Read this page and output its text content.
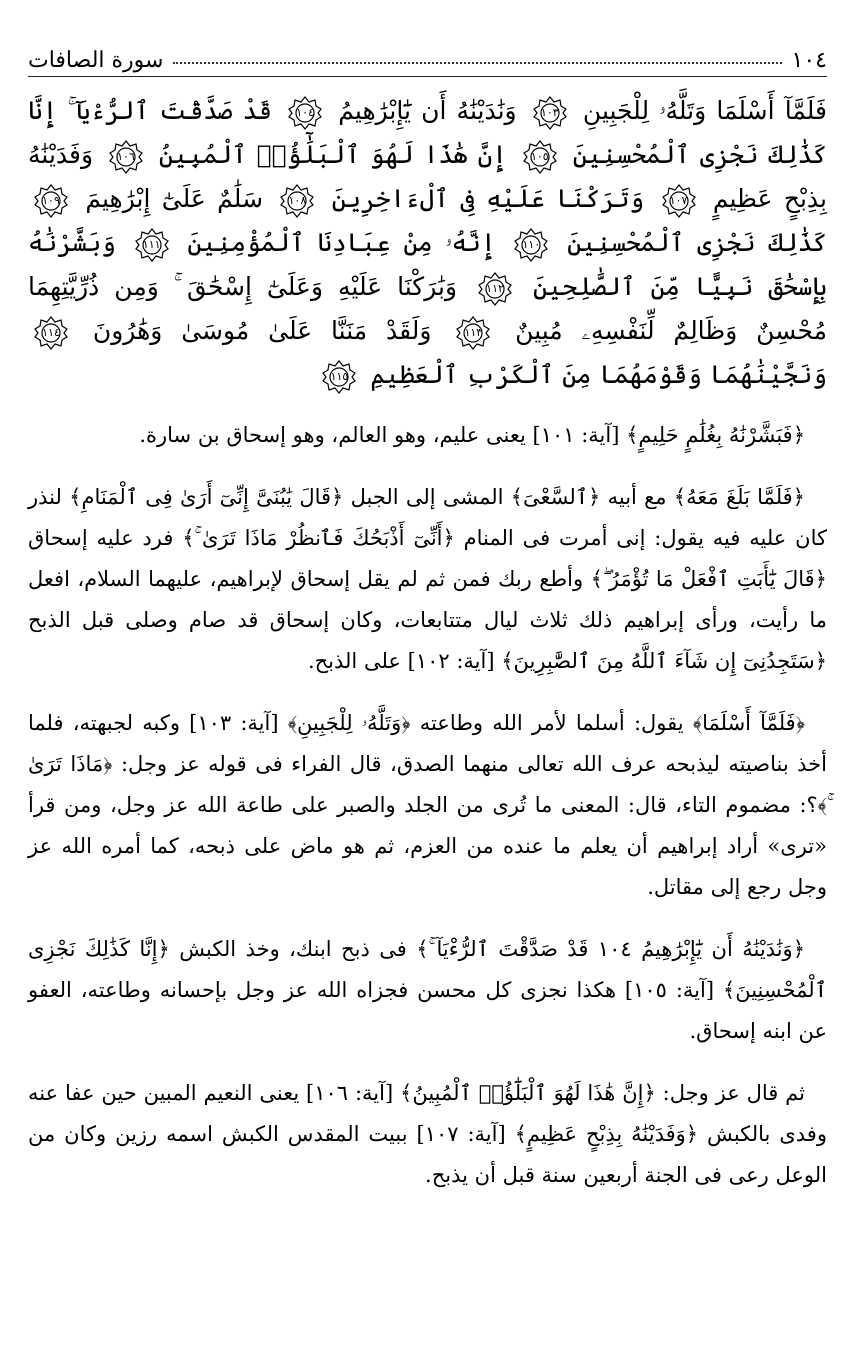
١٠٤
سورة الصافات
فَلَمَّآ أَسْلَمَا وَتَلَّهُۥ لِلْجَبِينِ
١٠٣
وَنَٰدَيْنَٰهُ أَن يَٰٓإِبْرَٰهِيمُ
١٠٤
قَدْ صَدَّقْتَ ٱلرُّءْيَآ ۚ إِنَّا كَذَٰلِكَ نَجْزِى ٱلْمُحْسِنِينَ
١٠٥
إِنَّ هَٰذَا لَهُوَ ٱلْبَلَٰٓؤُا۟ ٱلْمُبِينُ
١٠٦
وَفَدَيْنَٰهُ بِذِبْحٍ عَظِيمٍ
١٠٧
وَتَرَكْنَا عَلَيْهِ فِى ٱلْءَاخِرِينَ
١٠٨
سَلَٰمٌ عَلَىٰٓ إِبْرَٰهِيمَ
١٠٩
كَذَٰلِكَ نَجْزِى ٱلْمُحْسِنِينَ
١١٠
إِنَّهُۥ مِنْ عِبَادِنَا ٱلْمُؤْمِنِينَ
١١١
وَبَشَّرْنَٰهُ بِإِسْحَٰقَ نَبِيًّا مِّنَ ٱلصَّٰلِحِينَ
١١٢
وَبَٰرَكْنَا عَلَيْهِ وَعَلَىٰٓ إِسْحَٰقَ ۚ وَمِن ذُرِّيَّتِهِمَا مُحْسِنٌ وَظَالِمٌ لِّنَفْسِهِۦ مُبِينٌ
١١٣
وَلَقَدْ مَنَنَّا عَلَىٰ مُوسَىٰ وَهَٰرُونَ
١١٤
وَنَجَّيْنَٰهُمَا وَقَوْمَهُمَا مِنَ ٱلْكَرْبِ ٱلْعَظِيمِ
١١٥

﴿فَبَشَّرْنَٰهُ بِغُلَٰمٍ حَلِيمٍ﴾ [آية: ١٠١] يعنى عليم، وهو العالم، وهو إسحاق بن سارة.

﴿فَلَمَّا بَلَغَ مَعَهُ﴾ مع أبيه ﴿ٱلسَّعْىَ﴾ المشى إلى الجبل ﴿قَالَ يَٰبُنَىَّ إِنِّىٓ أَرَىٰ فِى ٱلْمَنَامِ﴾ لنذر كان عليه فيه يقول: إنى أمرت فى المنام ﴿أَنِّىٓ أَذْبَحُكَ فَٱنظُرْ مَاذَا تَرَىٰ ۚ﴾ فرد عليه إسحاق ﴿قَالَ يَٰٓأَبَتِ ٱفْعَلْ مَا تُؤْمَرُ ۖ﴾ وأطع ربك فمن ثم لم يقل إسحاق لإبراهيم، عليهما السلام، افعل ما رأيت، ورأى إبراهيم ذلك ثلاث ليال متتابعات، وكان إسحاق قد صام وصلى قبل الذبح ﴿سَتَجِدُنِىٓ إِن شَآءَ ٱللَّهُ مِنَ ٱلصَّٰبِرِينَ﴾ [آية: ١٠٢] على الذبح.

﴿فَلَمَّآ أَسْلَمَا﴾ يقول: أسلما لأمر الله وطاعته ﴿وَتَلَّهُۥ لِلْجَبِينِ﴾ [آية: ١٠٣] وكبه لجبهته، فلما أخذ بناصيته ليذبحه عرف الله تعالى منهما الصدق، قال الفراء فى قوله عز وجل: ﴿مَاذَا تَرَىٰ ۚ﴾؟: مضموم التاء، قال: المعنى ما تُرى من الجلد والصبر على طاعة الله عز وجل، ومن قرأ «ترى» أراد إبراهيم أن يعلم ما عنده من العزم، ثم هو ماض على ذبحه، كما أمره الله عز وجل رجع إلى مقاتل.

﴿وَنَٰدَيْنَٰهُ أَن يَٰٓإِبْرَٰهِيمُ ١٠٤ قَدْ صَدَّقْتَ ٱلرُّءْيَآ ۚ﴾ فى ذبح ابنك، وخذ الكبش ﴿إِنَّا كَذَٰلِكَ نَجْزِى ٱلْمُحْسِنِينَ﴾ [آية: ١٠٥] هكذا نجزى كل محسن فجزاه الله عز وجل بإحسانه وطاعته، العفو عن ابنه إسحاق.

ثم قال عز وجل: ﴿إِنَّ هَٰذَا لَهُوَ ٱلْبَلَٰٓؤُا۟ ٱلْمُبِينُ﴾ [آية: ١٠٦] يعنى النعيم المبين حين عفا عنه وفدى بالكبش ﴿وَفَدَيْنَٰهُ بِذِبْحٍ عَظِيمٍ﴾ [آية: ١٠٧] ببيت المقدس الكبش اسمه رزين وكان من الوعل رعى فى الجنة أربعين سنة قبل أن يذبح.
